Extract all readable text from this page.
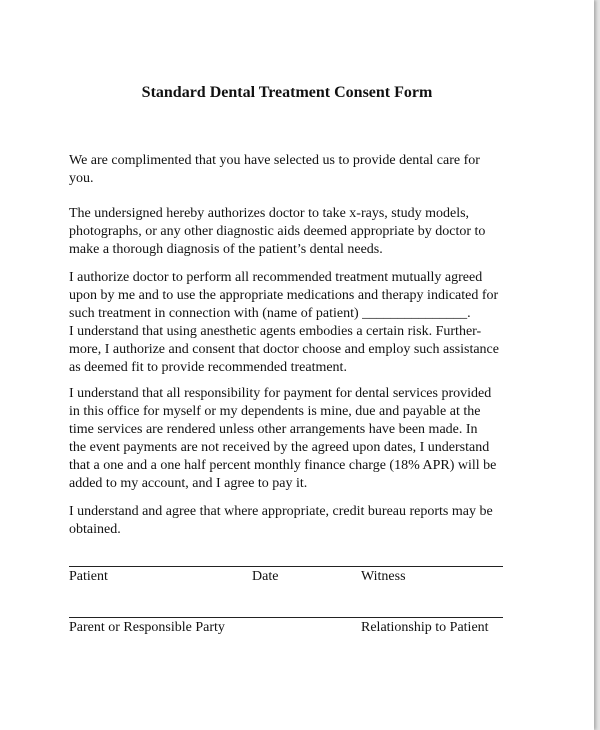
Standard Dental Treatment Consent Form

We are complimented that you have selected us to provide dental care for
you.

The undersigned hereby authorizes doctor to take x-rays, study models,
photographs, or any other diagnostic aids deemed appropriate by doctor to
make a thorough diagnosis of the patient’s dental needs.

I authorize doctor to perform all recommended treatment mutually agreed
upon by me and to use the appropriate medications and therapy indicated for
such treatment in connection with (name of patient) _______________.
I understand that using anesthetic agents embodies a certain risk. Further-
more, I authorize and consent that doctor choose and employ such assistance
as deemed fit to provide recommended treatment.

I understand that all responsibility for payment for dental services provided
in this office for myself or my dependents is mine, due and payable at the
time services are rendered unless other arrangements have been made. In
the event payments are not received by the agreed upon dates, I understand
that a one and a one half percent monthly finance charge (18% APR) will be
added to my account, and I agree to pay it.

I understand and agree that where appropriate, credit bureau reports may be
obtained.

Patient	Date	Witness
Parent or Responsible Party	Relationship to Patient
